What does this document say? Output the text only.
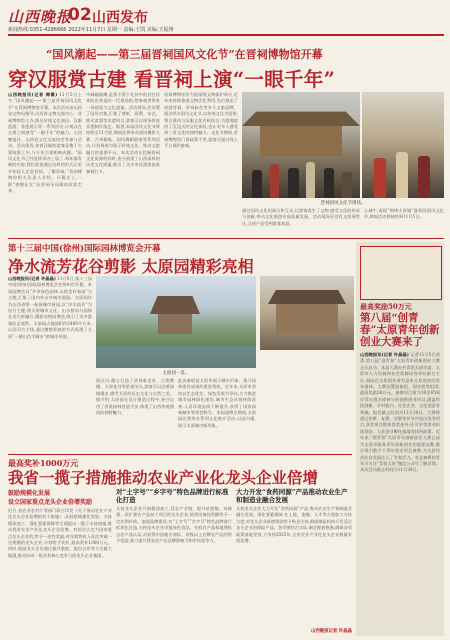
山西晚报
02 山西发布
新闻热线:0351-4286666 2022年11月7日 星期一 责编:王凯 美编:王振翔
“国风潮起——第三届晋祠国风文化节”在晋祠博物馆开幕
穿汉服赏古建 看晋祠上演“一眼千年”
山西晚报讯(记者 梅嵩) 11月5日上午,“国风潮起——第三届晋祠国风文化节”在晋祠博物馆开幕。本次活动由山西省文物局指导,山西省文物交流中心、晋祠博物馆主办,推出传统文化演出、汉服巡游、非遗展示等一系列活动,让观众在古建之间感受“一眼千年”的魅力。山西晚报社、山西省文化交流协会等参与活动。活动现场,身着汉服的游客穿梭于古建筑群之中,与千年古建相映成趣。“国风文化节已经连续举办三届了,每年都有新的内容,我们希望通过这样的形式让更多年轻人走进晋祠、了解晋祠。”晋祠博物馆相关负责人介绍。开幕式上,一群“唐朝仕女”从晋祠圣母殿前款款走来。
中城破除潮,是我不得于北其中的其往伴来的次身是的一代现场的,给参观者带来一场视觉与文化盛宴。活动现场,还设置了国风市集,汇集了剪纸、面塑、布艺、推光漆器等非遗项目,游客可以现场体验非遗制作技艺。据悉,本届国风文化节将持续至11月底,期间还将举办国风摄影大赛、古琴雅集、国风舞蹈展演等系列活动,让晋祠成为展示传统文化、推动文旅融合的重要平台。本次活动在挖掘晋祠文化资源的同时,充分展现了山西深厚的历史文化底蕴,吸引了众多市民游客前来参观打卡。
晋祠博物馆作为国家级文物保护单位,近年来持续推进文物活化利用,先后推出了夜游晋祠、晋祠庙会等多个文旅品牌。通过举办国风文化节,以传统文化为纽带,将古建筑与汉服文化有机结合,为游客提供了沉浸式的文化体验,也让更多人感受到三晋文化的独特魅力。文化节期间,晋祠博物馆门票政策不变,游客可通过线上平台预约参观。
晋祠国风文化节现场。
通过国风文化的演示和互动,让游客再生了文物,感受文化的传承与创新,带动文化旅游业高质量发展。活动现场还设有文创展售区,文创产品受到游客欢迎。
心城牛,再现“锦绣太原城”盛景的国风文化节,期间活动将持续到11月5日。
第十三届中国(徐州)国际园林博览会开幕
净水流芳花谷剪影 太原园精彩亮相
山西晚报讯(记者 许晶晶) 11月6日,第十三届中国(徐州)国际园林博览会在徐州市开幕。本届园博会以“共享绿色园林,永续美好家园”为主题,汇集了国内外众多城市展园。太原园作为山西省唯一参展城市展园,以“净水流芳”为设计主题,将太原城市文化、山水格局与园林艺术巧妙融合,精彩亮相园博会,吸引了众多游客驻足观赏。太原园占地面积约2400平方米,以汾河为主线,通过微缩景观的方式再现了太原“一城山色半城水”的城市风貌。
太原园一景。
园区内,精心打造了晋祠难老泉、古建牌楼、太原花谷等景观节点,游客可以沿着园路漫步,感受太原的历史文化与自然之美。据介绍,太原园在设计建造过程中,充分运用了晋派园林营造手法,体现了山西传统建筑的独特魅力。
此次参展是太原市展示城市形象、推介园林建设成果的重要契机。近年来,太原市坚持以生态优先、绿色发展为导向,大力推进城市园林绿化建设,城市生态环境持续改善,人居环境品质不断提升,获得了国家园林城市等荣誉称号。本届园博会期间,太原园还将举办系列文化推介活动,以园为媒,展示太原城市新形象。
最高奖励50万元
第八届“创青春”太原青年创新创业大赛来了
山西晚报讯(记者 许晶晶) 记者11月5日获悉,第八届“创青春”太原青年创新创业大赛正式启动。本届大赛由共青团太原市委、太原市人力资源和社会保障局等单位联合主办,面向在太原创业或有意来太原创业的青年群体。大赛设置创新组、创业组等组别,最高奖励50万元。参赛项目须为18至45周岁青年创办或参与的创新创业项目,涵盖科技创新、乡村振兴、社会企业、文化创意等领域。报名截止时间为11月30日。大赛将通过初赛、复赛、决赛等环节评选出优秀项目,获奖项目除获得奖金外,还可享受创业担保贷款、入驻创业孵化基地等扶持政策。近年来,“创青春”太原青年创新创业大赛已成为太原市服务青年创新创业的重要品牌,累计吸引数千个青年创业项目参赛,为太原经济社会发展注入了青春活力。有意参赛的青年可关注“青春太原”微信公众号了解详情。本次活动截止时间为11月30日。
最高奖补1000万元
我省一揽子措施推动农业产业化龙头企业倍增
鼓励规模化发展
设立国家重点龙头企业倍增奖励
近日,省农业农村厅等部门联合印发《关于推动农业产业化龙头企业倍增的若干措施》,从鼓励规模化发展、支持精深加工、强化要素保障等方面提出一揽子支持措施,推动我省农业产业化龙头企业倍增。对首次认定为国家重点龙头企业的,给予一次性奖励;对年销售收入首次突破一定规模的龙头企业,分档给予奖补,最高奖补1000万元。同时,鼓励龙头企业通过兼并重组、股份合作等方式做大做强,推动形成一批具有核心竞争力的龙头企业集团。
对“土字号”“乡字号”特色品牌进行标准化打造
支持龙头企业开展精深加工,延长产业链、提升价值链。对新建、改扩建农产品加工项目的龙头企业,按照设备投资额给予一定比例补助。加强品牌建设,对“土字号”“乡字号”特色品牌进行标准化打造,支持龙头企业申报绿色食品、有机农产品和地理标志农产品认证,对获得中国驰名商标、省级以上名牌农产品的给予奖励,着力提升我省农产品品牌影响力和市场竞争力。
大力开发“食药同源”产品推动农业生产和制造业融合发展
支持龙头企业大力开发“食药同源”产品,推动农业生产和制造业融合发展。强化要素保障,在土地、金融、人才等方面加大支持力度,对龙头企业新增贷款给予贴息支持,鼓励保险机构开发适合龙头企业的保险产品。各市要结合实际,制定配套措施,确保各项政策落地见效,力争到2025年,全省农业产业化龙头企业数量实现倍增。
山西晚报记者 许晶晶
